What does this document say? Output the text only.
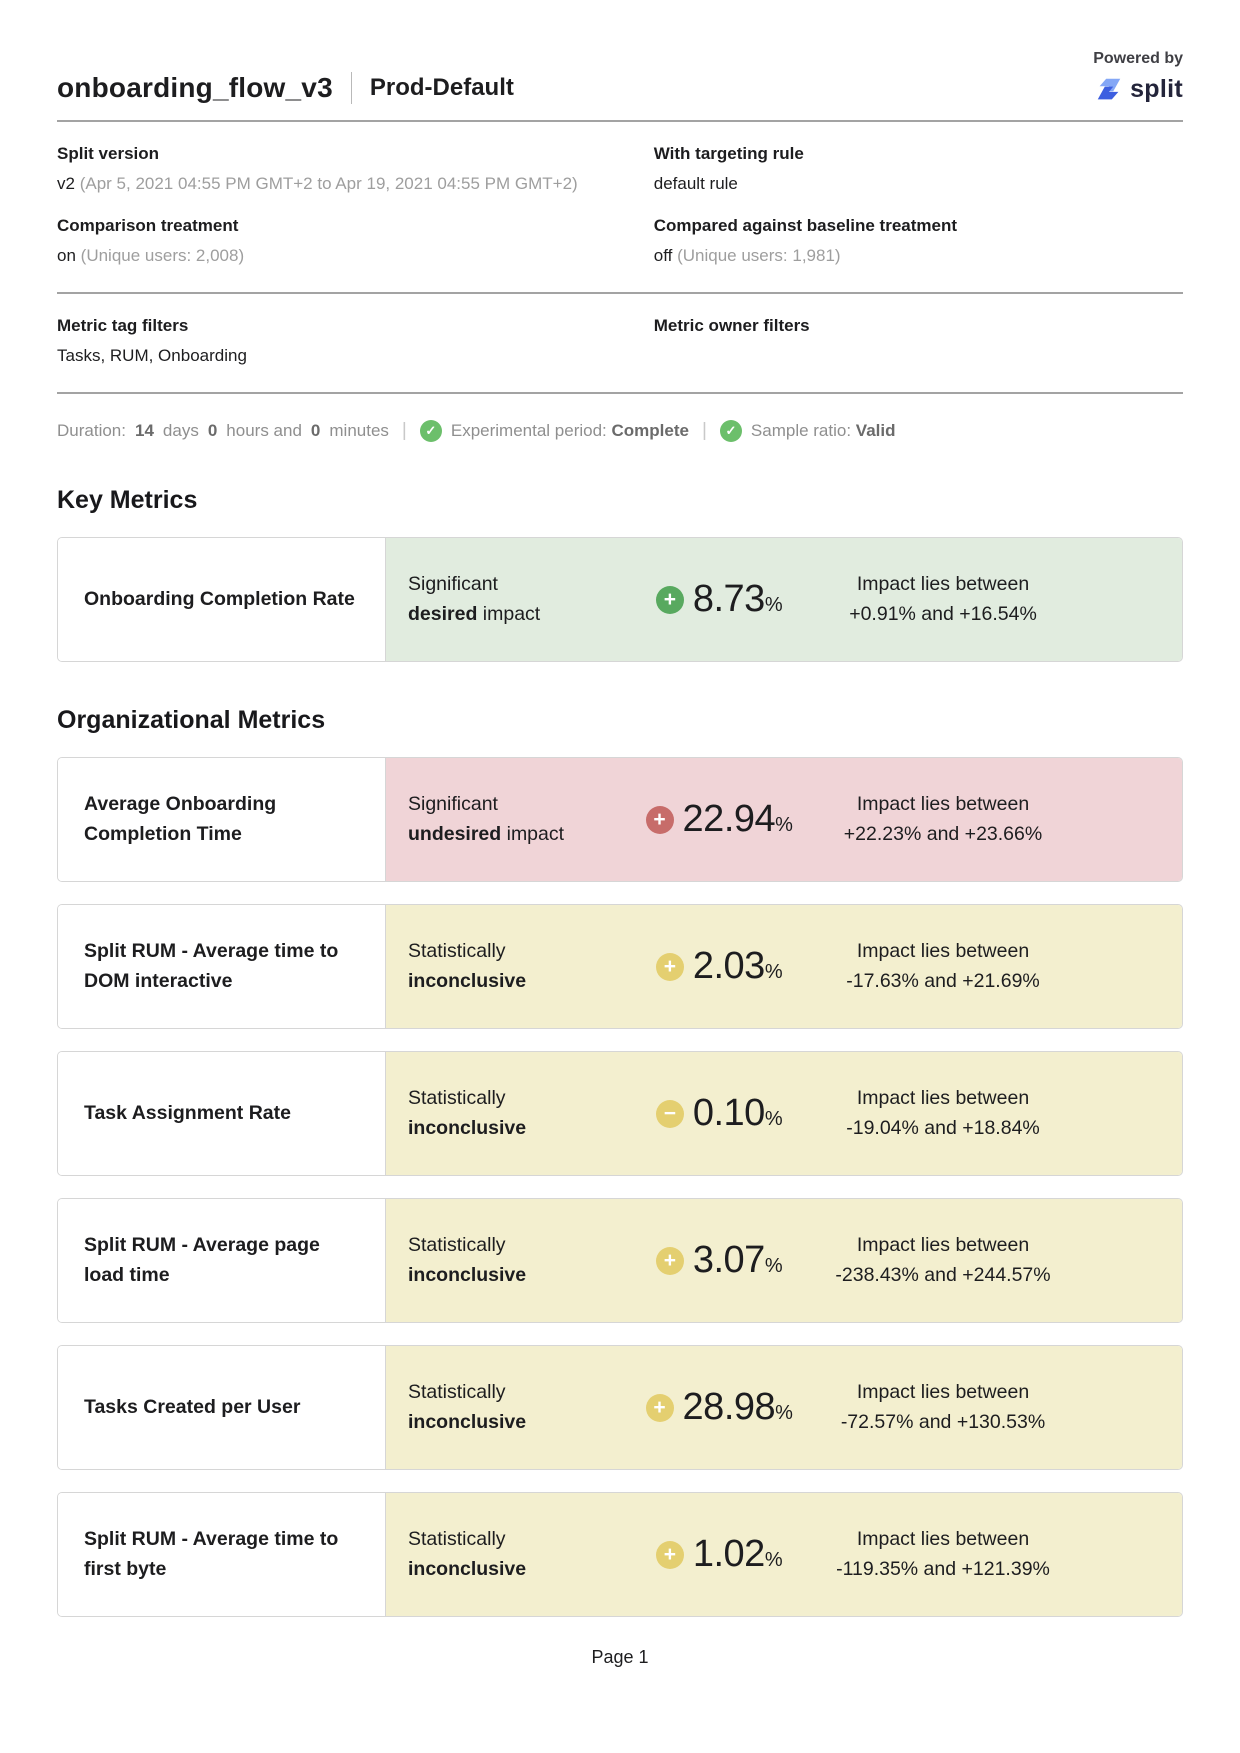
onboarding_flow_v3 Prod-Default
Powered by
split
Split version
v2 (Apr 5, 2021 04:55 PM GMT+2 to Apr 19, 2021 04:55 PM GMT+2)
With targeting rule
default rule
Comparison treatment
on (Unique users: 2,008)
Compared against baseline treatment
off (Unique users: 1,981)
Metric tag filters
Tasks, RUM, Onboarding
Metric owner filters
Duration: 14 days 0 hours and 0 minutes |	✓ Experimental period: Complete |	✓ Sample ratio: Valid
Key Metrics
Onboarding Completion Rate
Significant
desired impact
+ 8.73%
Impact lies between
+0.91% and +16.54%
Organizational Metrics
Average Onboarding Completion Time
Significant
undesired impact
+ 22.94%
Impact lies between
+22.23% and +23.66%
Split RUM - Average time to DOM interactive
Statistically
inconclusive
+ 2.03%
Impact lies between
-17.63% and +21.69%
Task Assignment Rate
Statistically
inconclusive
− 0.10%
Impact lies between
-19.04% and +18.84%
Split RUM - Average page load time
Statistically
inconclusive
+ 3.07%
Impact lies between
-238.43% and +244.57%
Tasks Created per User
Statistically
inconclusive
+ 28.98%
Impact lies between
-72.57% and +130.53%
Split RUM - Average time to first byte
Statistically
inconclusive
+ 1.02%
Impact lies between
-119.35% and +121.39%
Page 1
